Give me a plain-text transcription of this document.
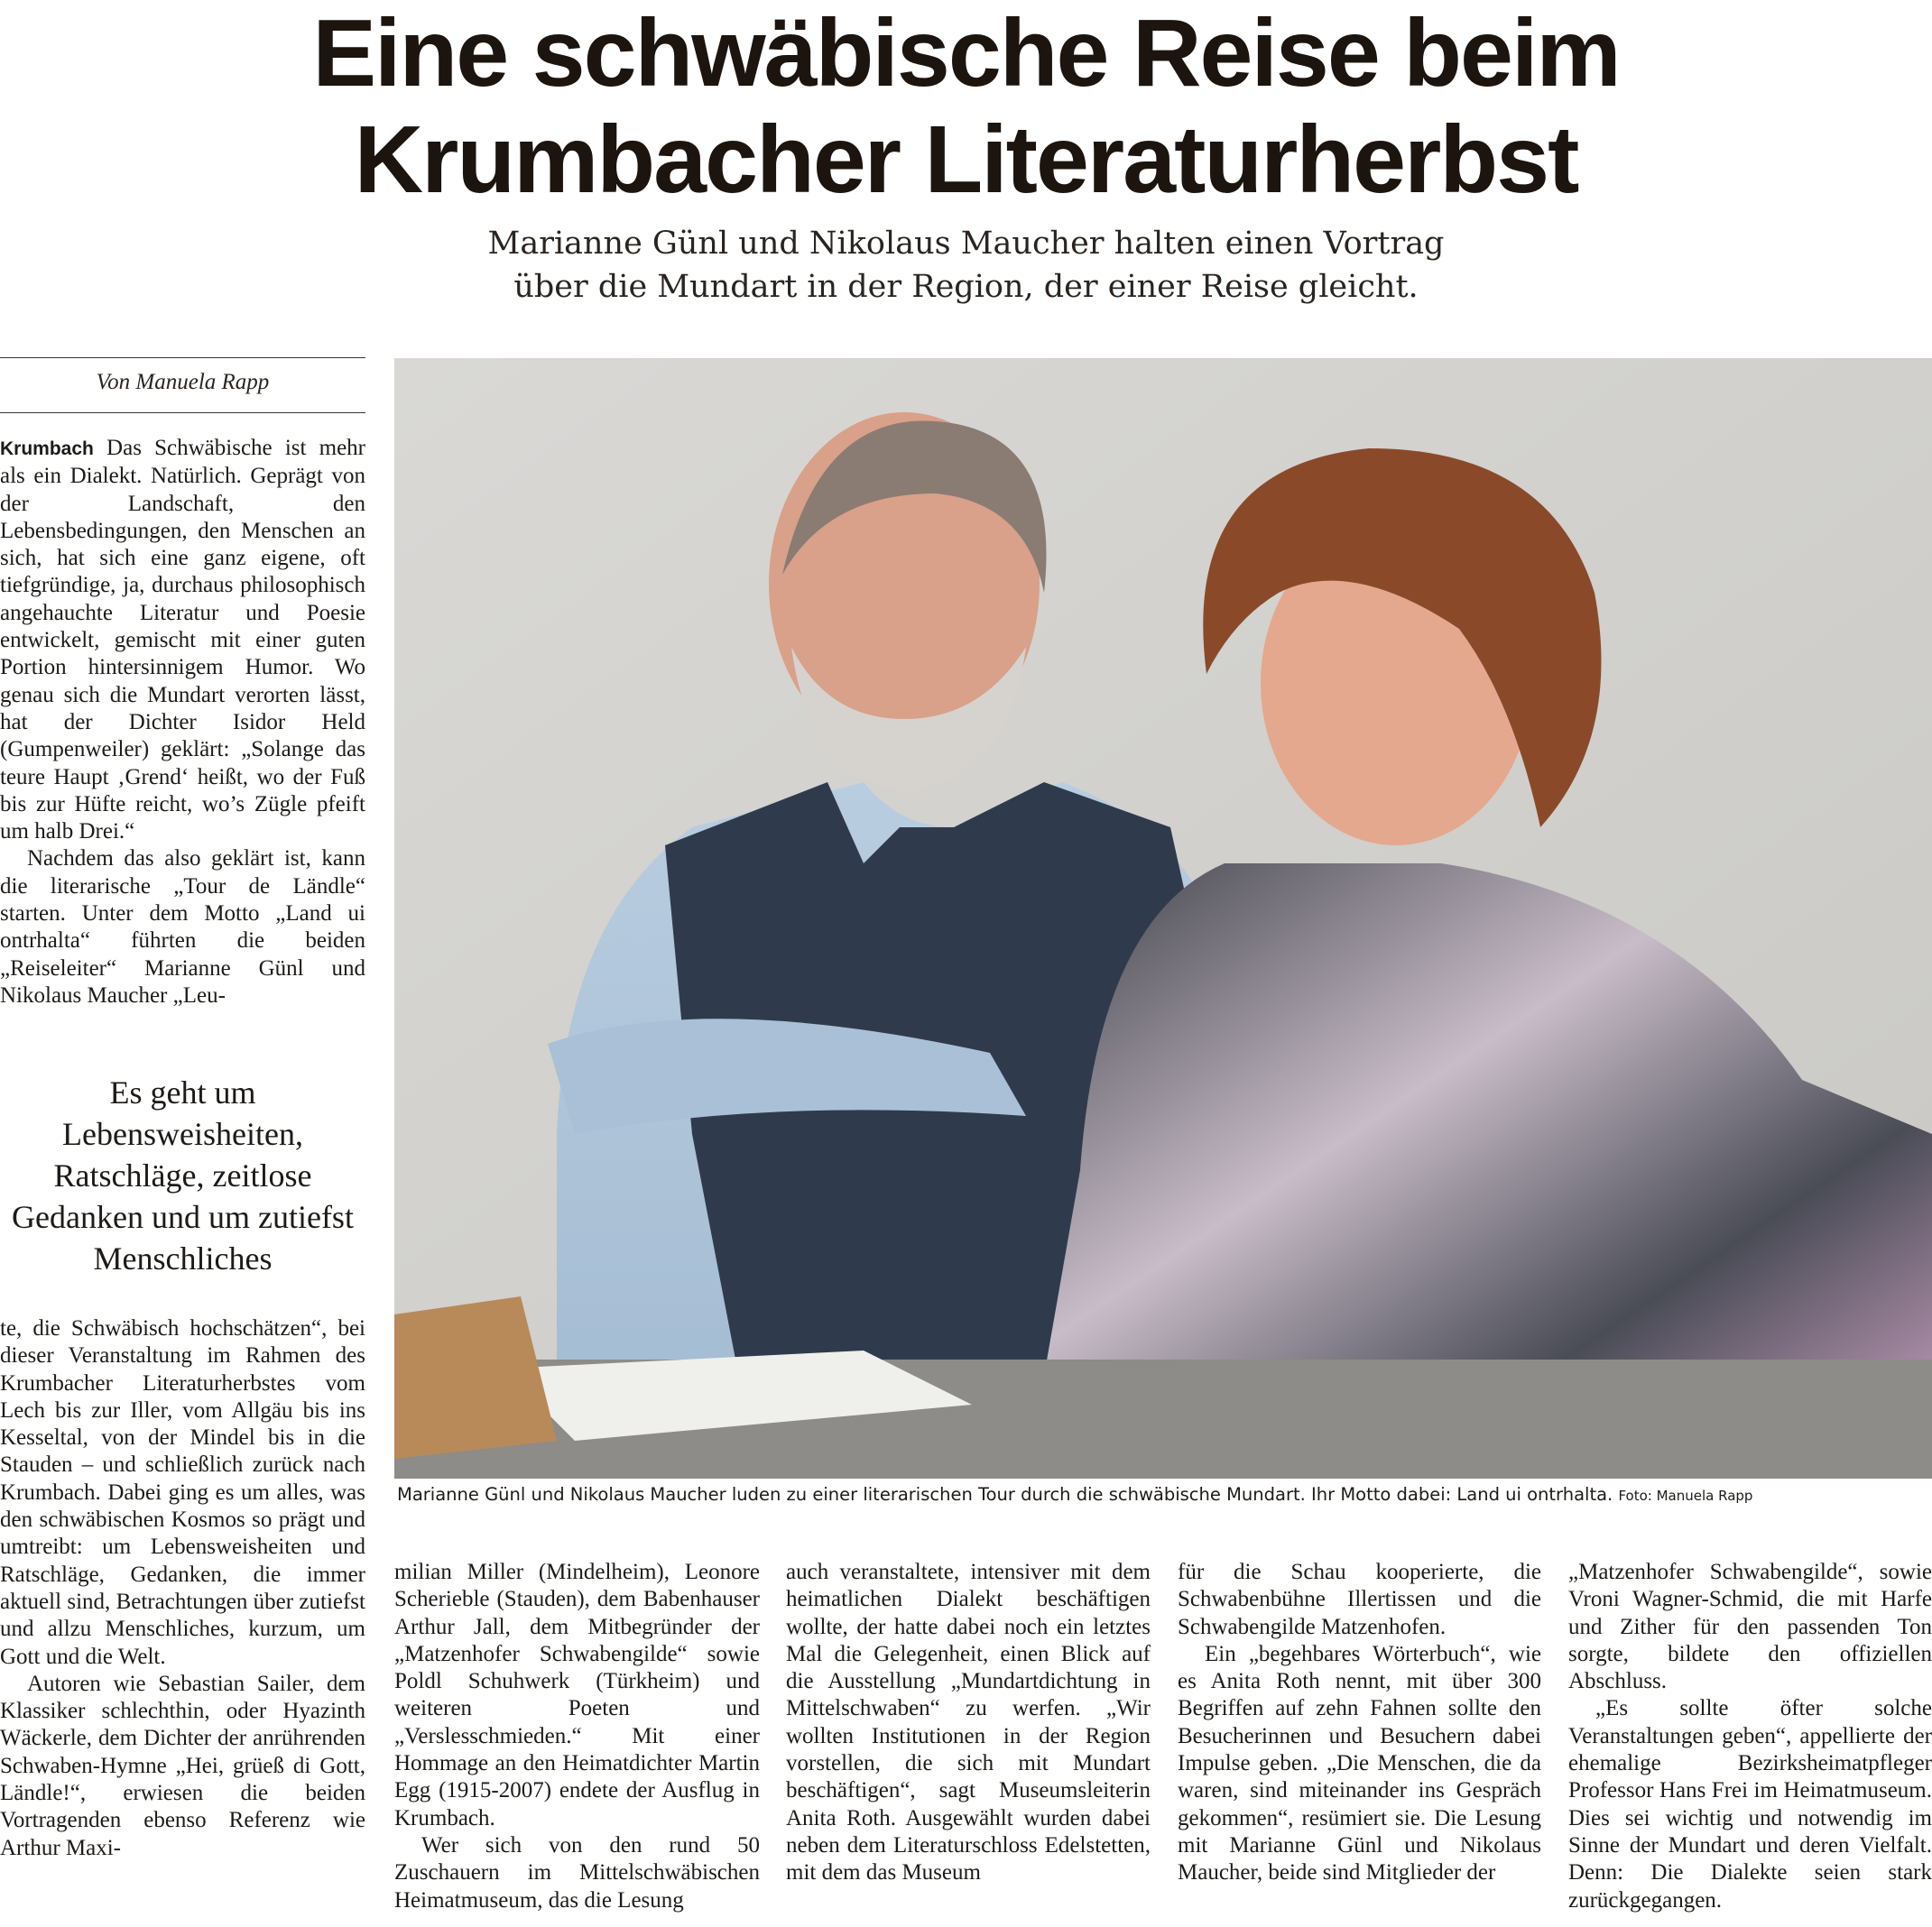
Eine schwäbische Reise beim
Krumbacher Literaturherbst
Marianne Günl und Nikolaus Maucher halten einen Vortrag
über die Mundart in der Region, der einer Reise gleicht.
Von Manuela Rapp

Krumbach Das Schwäbische ist mehr als ein Dialekt. Natürlich. Geprägt von der Landschaft, den Lebensbedingungen, den Menschen an sich, hat sich eine ganz eigene, oft tiefgründige, ja, durchaus philosophisch angehauchte Literatur und Poesie entwickelt, gemischt mit einer guten Portion hintersinnigem Humor. Wo genau sich die Mundart verorten lässt, hat der Dichter Isidor Held (Gumpenweiler) geklärt: „Solange das teure Haupt ‚Grend‘ heißt, wo der Fuß bis zur Hüfte reicht, wo’s Zügle pfeift um halb Drei.“

Nachdem das also geklärt ist, kann die literarische „Tour de Ländle“ starten. Unter dem Motto „Land ui ontrhalta“ führten die beiden „Reiseleiter“ Marianne Günl und Nikolaus Maucher „Leu-

Es geht um Lebensweisheiten, Ratschläge, zeitlose Gedanken und um zutiefst Menschliches

te, die Schwäbisch hochschätzen“, bei dieser Veranstaltung im Rahmen des Krumbacher Literaturherbstes vom Lech bis zur Iller, vom Allgäu bis ins Kesseltal, von der Mindel bis in die Stauden – und schließlich zurück nach Krumbach. Dabei ging es um alles, was den schwäbischen Kosmos so prägt und umtreibt: um Lebensweisheiten und Ratschläge, Gedanken, die immer aktuell sind, Betrachtungen über zutiefst und allzu Menschliches, kurzum, um Gott und die Welt.

Autoren wie Sebastian Sailer, dem Klassiker schlechthin, oder Hyazinth Wäckerle, dem Dichter der anrührenden Schwaben-Hymne „Hei, grüeß di Gott, Ländle!“, erwiesen die beiden Vortragenden ebenso Referenz wie Arthur Maxi-

Marianne Günl und Nikolaus Maucher luden zu einer literarischen Tour durch die schwäbische Mundart. Ihr Motto dabei: Land ui ontrhalta. Foto: Manuela Rapp

milian Miller (Mindelheim), Leonore Scherieble (Stauden), dem Babenhauser Arthur Jall, dem Mitbegründer der „Matzenhofer Schwabengilde“ sowie Poldl Schuhwerk (Türkheim) und weiteren Poeten und „Verslesschmieden.“ Mit einer Hommage an den Heimatdichter Martin Egg (1915-2007) endete der Ausflug in Krumbach.

Wer sich von den rund 50 Zuschauern im Mittelschwäbischen Heimatmuseum, das die Lesung

auch veranstaltete, intensiver mit dem heimatlichen Dialekt beschäftigen wollte, der hatte dabei noch ein letztes Mal die Gelegenheit, einen Blick auf die Ausstellung „Mundartdichtung in Mittelschwaben“ zu werfen. „Wir wollten Institutionen in der Region vorstellen, die sich mit Mundart beschäftigen“, sagt Museumsleiterin Anita Roth. Ausgewählt wurden dabei neben dem Literaturschloss Edelstetten, mit dem das Museum

für die Schau kooperierte, die Schwabenbühne Illertissen und die Schwabengilde Matzenhofen.

Ein „begehbares Wörterbuch“, wie es Anita Roth nennt, mit über 300 Begriffen auf zehn Fahnen sollte den Besucherinnen und Besuchern dabei Impulse geben. „Die Menschen, die da waren, sind miteinander ins Gespräch gekommen“, resümiert sie. Die Lesung mit Marianne Günl und Nikolaus Maucher, beide sind Mitglieder der

„Matzenhofer Schwabengilde“, sowie Vroni Wagner-Schmid, die mit Harfe und Zither für den passenden Ton sorgte, bildete den offiziellen Abschluss.

„Es sollte öfter solche Veranstaltungen geben“, appellierte der ehemalige Bezirksheimatpfleger Professor Hans Frei im Heimatmuseum. Dies sei wichtig und notwendig im Sinne der Mundart und deren Vielfalt. Denn: Die Dialekte seien stark zurückgegangen.
